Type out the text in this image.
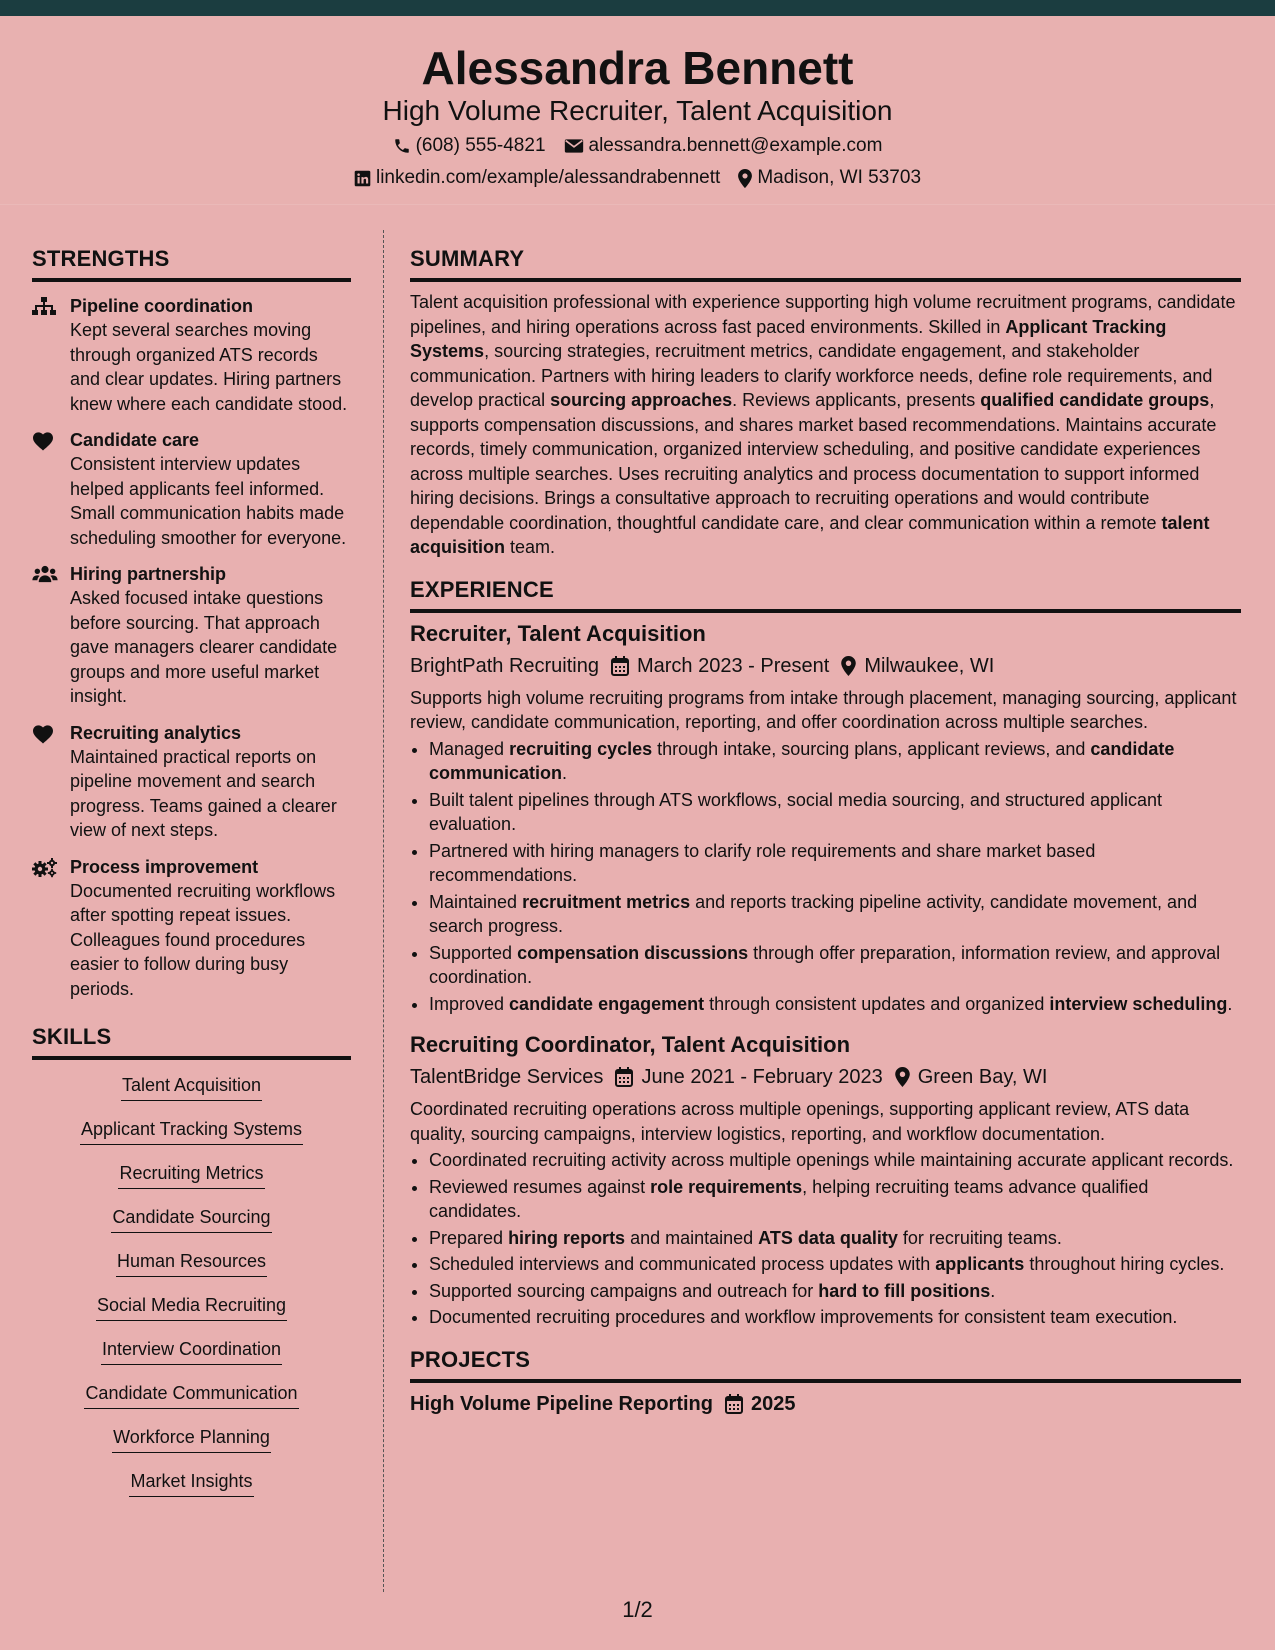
Alessandra Bennett
High Volume Recruiter, Talent Acquisition
(608) 555-4821 alessandra.bennett@example.com
linkedin.com/example/alessandrabennett Madison, WI 53703
STRENGTHS
Pipeline coordination
Kept several searches moving through organized ATS records and clear updates. Hiring partners knew where each candidate stood.
Candidate care
Consistent interview updates helped applicants feel informed. Small communication habits made scheduling smoother for everyone.
Hiring partnership
Asked focused intake questions before sourcing. That approach gave managers clearer candidate groups and more useful market insight.
Recruiting analytics
Maintained practical reports on pipeline movement and search progress. Teams gained a clearer view of next steps.
Process improvement
Documented recruiting workflows after spotting repeat issues. Colleagues found procedures easier to follow during busy periods.
SKILLS
Talent Acquisition
Applicant Tracking Systems
Recruiting Metrics
Candidate Sourcing
Human Resources
Social Media Recruiting
Interview Coordination
Candidate Communication
Workforce Planning
Market Insights
SUMMARY
Talent acquisition professional with experience supporting high volume recruitment programs, candidate pipelines, and hiring operations across fast paced environments. Skilled in Applicant Tracking Systems, sourcing strategies, recruitment metrics, candidate engagement, and stakeholder communication. Partners with hiring leaders to clarify workforce needs, define role requirements, and develop practical sourcing approaches. Reviews applicants, presents qualified candidate groups, supports compensation discussions, and shares market based recommendations. Maintains accurate records, timely communication, organized interview scheduling, and positive candidate experiences across multiple searches. Uses recruiting analytics and process documentation to support informed hiring decisions. Brings a consultative approach to recruiting operations and would contribute dependable coordination, thoughtful candidate care, and clear communication within a remote talent acquisition team.
EXPERIENCE
Recruiter, Talent Acquisition
BrightPath Recruiting March 2023 - Present Milwaukee, WI
Supports high volume recruiting programs from intake through placement, managing sourcing, applicant review, candidate communication, reporting, and offer coordination across multiple searches.
• Managed recruiting cycles through intake, sourcing plans, applicant reviews, and candidate communication.
• Built talent pipelines through ATS workflows, social media sourcing, and structured applicant evaluation.
• Partnered with hiring managers to clarify role requirements and share market based recommendations.
• Maintained recruitment metrics and reports tracking pipeline activity, candidate movement, and search progress.
• Supported compensation discussions through offer preparation, information review, and approval coordination.
• Improved candidate engagement through consistent updates and organized interview scheduling.
Recruiting Coordinator, Talent Acquisition
TalentBridge Services June 2021 - February 2023 Green Bay, WI
Coordinated recruiting operations across multiple openings, supporting applicant review, ATS data quality, sourcing campaigns, interview logistics, reporting, and workflow documentation.
• Coordinated recruiting activity across multiple openings while maintaining accurate applicant records.
• Reviewed resumes against role requirements, helping recruiting teams advance qualified candidates.
• Prepared hiring reports and maintained ATS data quality for recruiting teams.
• Scheduled interviews and communicated process updates with applicants throughout hiring cycles.
• Supported sourcing campaigns and outreach for hard to fill positions.
• Documented recruiting procedures and workflow improvements for consistent team execution.
PROJECTS
High Volume Pipeline Reporting 2025
1/2
